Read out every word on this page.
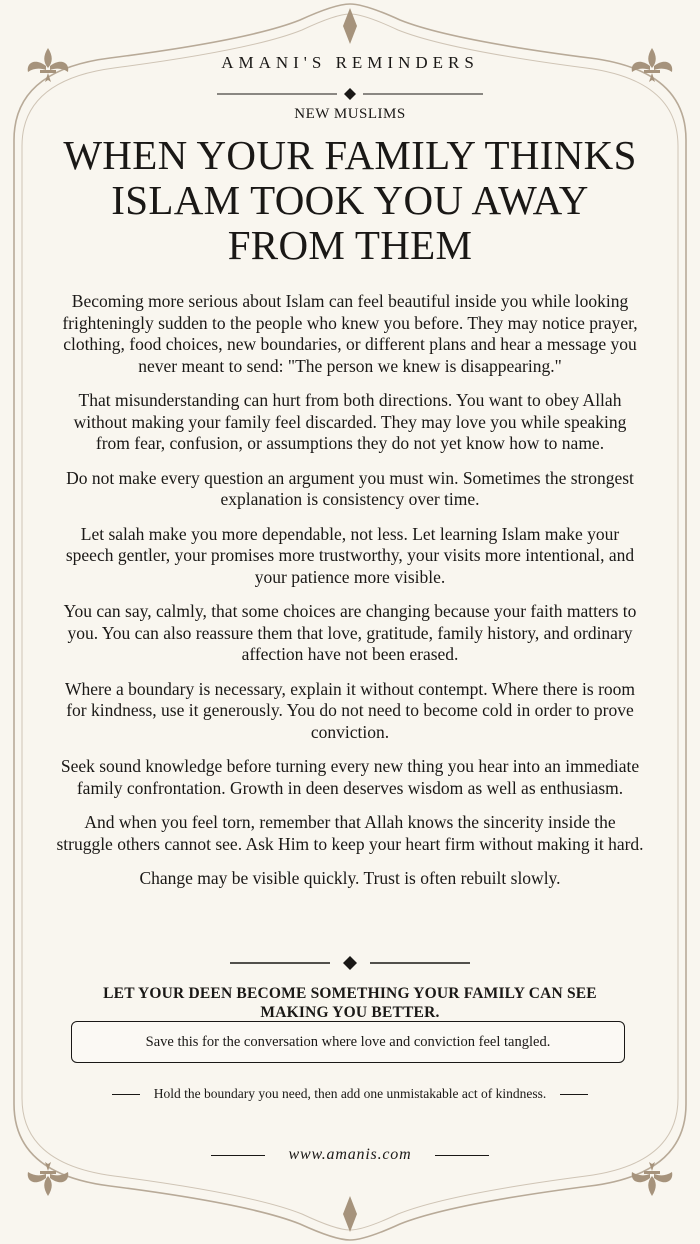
AMANI'S REMINDERS
NEW MUSLIMS
WHEN YOUR FAMILY THINKS ISLAM TOOK YOU AWAY FROM THEM

Becoming more serious about Islam can feel beautiful inside you while looking frighteningly sudden to the people who knew you before. They may notice prayer, clothing, food choices, new boundaries, or different plans and hear a message you never meant to send: "The person we knew is disappearing."

That misunderstanding can hurt from both directions. You want to obey Allah without making your family feel discarded. They may love you while speaking from fear, confusion, or assumptions they do not yet know how to name.

Do not make every question an argument you must win. Sometimes the strongest explanation is consistency over time.

Let salah make you more dependable, not less. Let learning Islam make your speech gentler, your promises more trustworthy, your visits more intentional, and your patience more visible.

You can say, calmly, that some choices are changing because your faith matters to you. You can also reassure them that love, gratitude, family history, and ordinary affection have not been erased.

Where a boundary is necessary, explain it without contempt. Where there is room for kindness, use it generously. You do not need to become cold in order to prove conviction.

Seek sound knowledge before turning every new thing you hear into an immediate family confrontation. Growth in deen deserves wisdom as well as enthusiasm.

And when you feel torn, remember that Allah knows the sincerity inside the struggle others cannot see. Ask Him to keep your heart firm without making it hard.

Change may be visible quickly. Trust is often rebuilt slowly.

LET YOUR DEEN BECOME SOMETHING YOUR FAMILY CAN SEE MAKING YOU BETTER.
Save this for the conversation where love and conviction feel tangled.
Hold the boundary you need, then add one unmistakable act of kindness.
www.amanis.com
